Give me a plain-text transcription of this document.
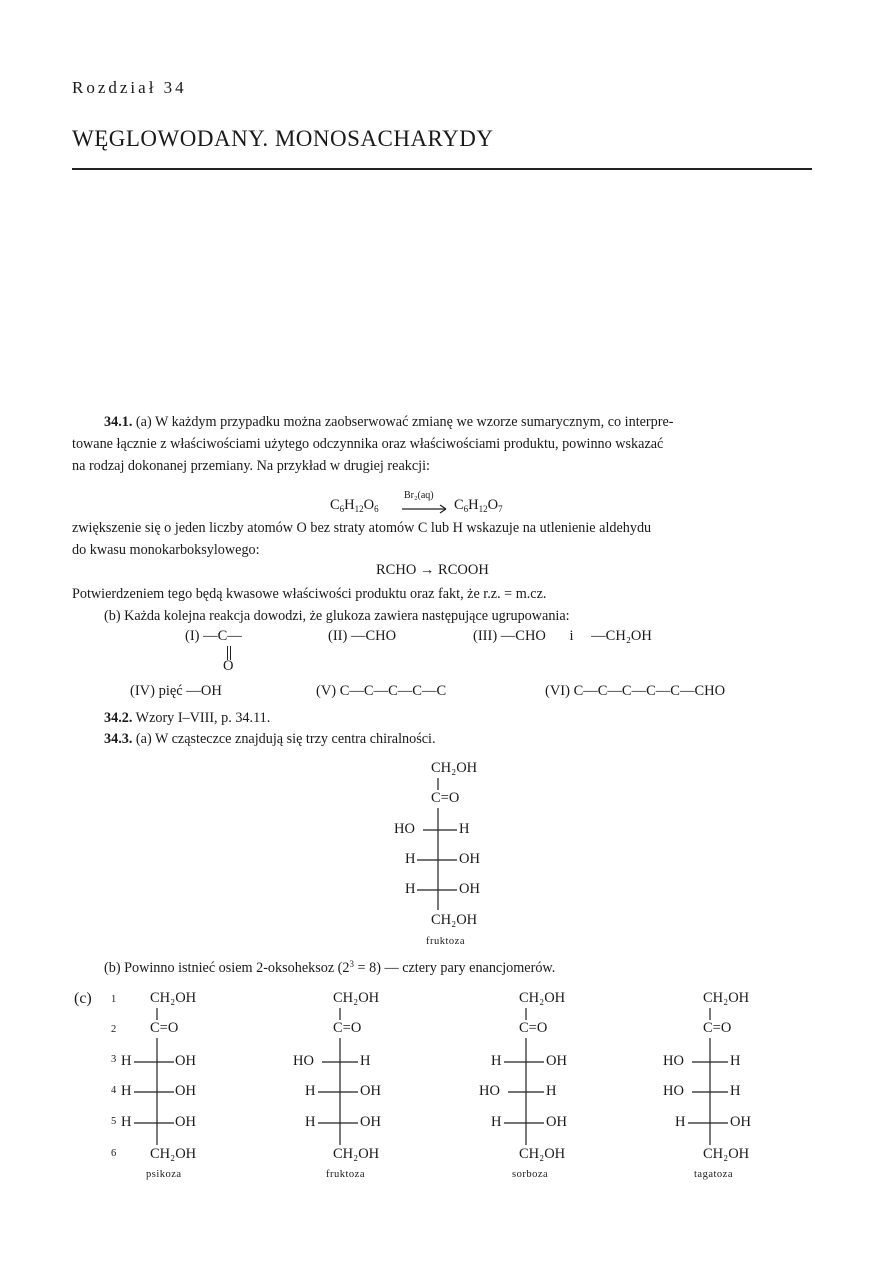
Rozdział 34
WĘGLOWODANY. MONOSACHARYDY

34.1. (a) W każdym przypadku można zaobserwować zmianę we wzorze sumarycznym, co interpre-

towane łącznie z właściwościami użytego odczynnika oraz właściwościami produktu, powinno wskazać

na rodzaj dokonanej przemiany. Na przykład w drugiej reakcji:

$C_6H_{12}O_6$
Br₂(aq)
$C_6H_{12}O_7$

zwiększenie się o jeden liczby atomów O bez straty atomów C lub H wskazuje na utlenienie aldehydu

do kwasu monokarboksylowego:

RCHO → RCOOH

Potwierdzeniem tego będą kwasowe właściwości produktu oraz fakt, że r.z. = m.cz.

(b) Każda kolejna reakcja dowodzi, że glukoza zawiera następujące ugrupowania:

(I) —C—
O
(II) —CHO	(III) —CHO i —CH₂OH
(IV) pięć —OH	(V) C—C—C—C—C	(VI) C—C—C—C—C—CHO

34.2. Wzory I–VIII, p. 34.11.

34.3. (a) W cząsteczce znajdują się trzy centra chiralności.

CH₂OH
C=O
HO	H
H	OH
H	OH
CH₂OH
fruktoza

(b) Powinno istnieć osiem 2-oksoheksoz $(2^3 = 8)$ — cztery pary enancjomerów.

(c) 1
2
3
4
5
6
CH₂OH
C=O
H	OH
H	OH
H	OH
CH₂OH
psikoza
CH₂OH
C=O
HO	H
H	OH
H	OH
CH₂OH
fruktoza
CH₂OH
C=O
H	OH
HO	H
H	OH
CH₂OH
sorboza
CH₂OH
C=O
HO	H
HO	H
H	OH
CH₂OH
tagatoza
